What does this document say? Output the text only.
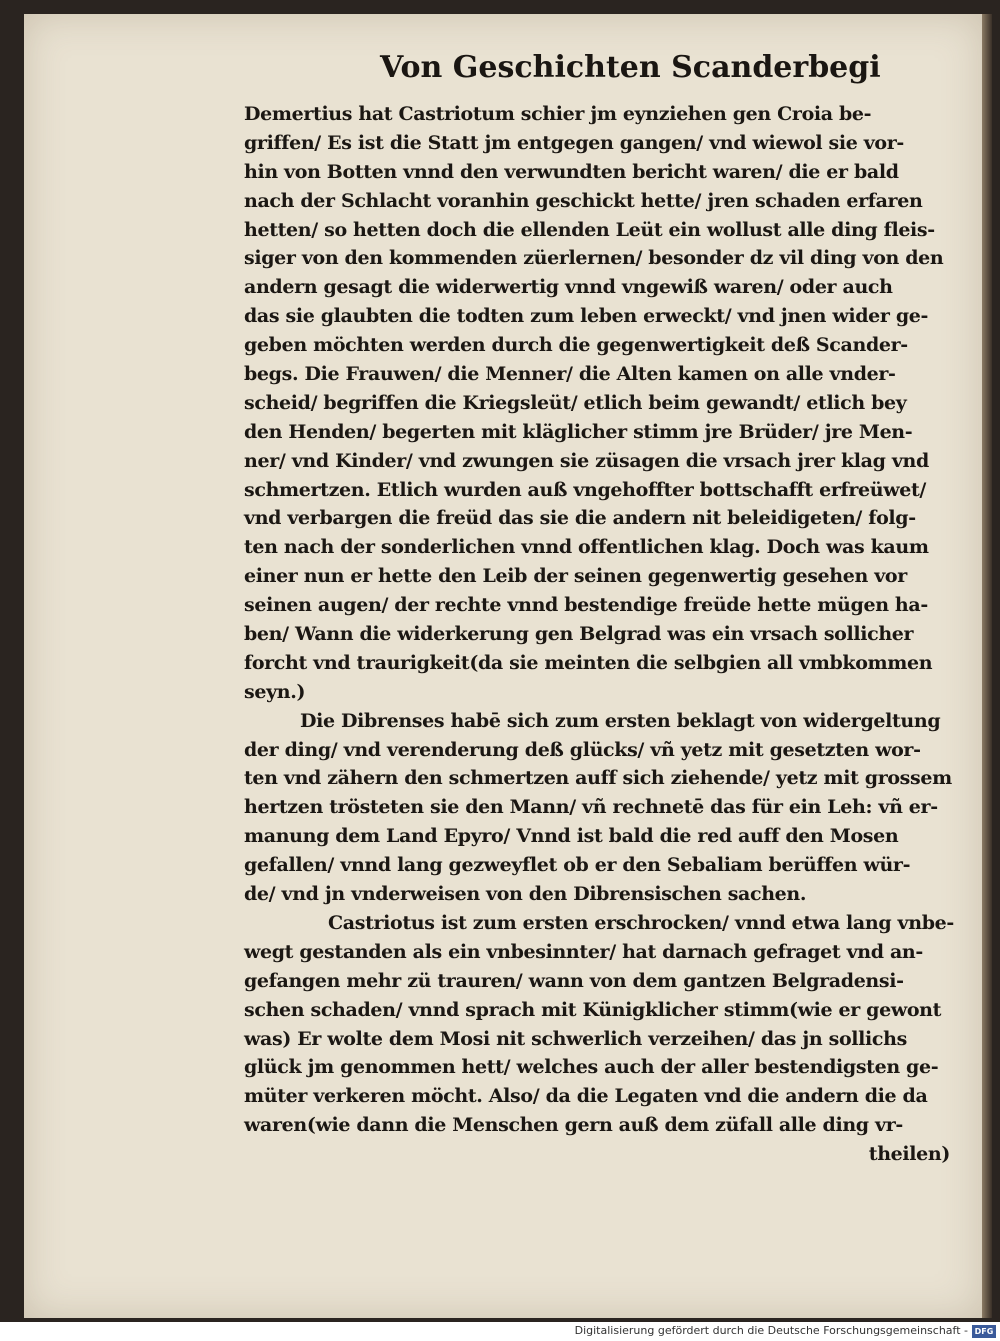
Von Geschichten Scanderbegi
Demertius hat Castriotum schier jm eynziehen gen Croia be-
griffen/ Es ist die Statt jm entgegen gangen/ vnd wiewol sie vor-
hin von Botten vnnd den verwundten bericht waren/ die er bald
nach der Schlacht voranhin geschickt hette/ jren schaden erfaren
hetten/ so hetten doch die ellenden Leüt ein wollust alle ding fleis-
siger von den kommenden züerlernen/ besonder dz vil ding von den
andern gesagt die widerwertig vnnd vngewiß waren/ oder auch
das sie glaubten die todten zum leben erweckt/ vnd jnen wider ge-
geben möchten werden durch die gegenwertigkeit deß Scander-
begs. Die Frauwen/ die Menner/ die Alten kamen on alle vnder-
scheid/ begriffen die Kriegsleüt/ etlich beim gewandt/ etlich bey
den Henden/ begerten mit kläglicher stimm jre Brüder/ jre Men-
ner/ vnd Kinder/ vnd zwungen sie züsagen die vrsach jrer klag vnd
schmertzen. Etlich wurden auß vngehoffter bottschafft erfreüwet/
vnd verbargen die freüd das sie die andern nit beleidigeten/ folg-
ten nach der sonderlichen vnnd offentlichen klag. Doch was kaum
einer nun er hette den Leib der seinen gegenwertig gesehen vor
seinen augen/ der rechte vnnd bestendige freüde hette mügen ha-
ben/ Wann die widerkerung gen Belgrad was ein vrsach sollicher
forcht vnd traurigkeit(da sie meinten die selbgien all vmbkommen
seyn.)
Die Dibrenses habē sich zum ersten beklagt von widergeltung
der ding/ vnd verenderung deß glücks/ vñ yetz mit gesetzten wor-
ten vnd zähern den schmertzen auff sich ziehende/ yetz mit grossem
hertzen trösteten sie den Mann/ vñ rechnetē das für ein Leh: vñ er-
manung dem Land Epyro/ Vnnd ist bald die red auff den Mosen
gefallen/ vnnd lang gezweyflet ob er den Sebaliam berüffen wür-
de/ vnd jn vnderweisen von den Dibrensischen sachen.
Castriotus ist zum ersten erschrocken/ vnnd etwa lang vnbe-
wegt gestanden als ein vnbesinnter/ hat darnach gefraget vnd an-
gefangen mehr zü trauren/ wann von dem gantzen Belgradensi-
schen schaden/ vnnd sprach mit Künigklicher stimm(wie er gewont
was) Er wolte dem Mosi nit schwerlich verzeihen/ das jn sollichs
glück jm genommen hett/ welches auch der aller bestendigsten ge-
müter verkeren möcht. Also/ da die Legaten vnd die andern die da
waren(wie dann die Menschen gern auß dem züfall alle ding vr-
theilen)
Digitalisierung gefördert durch die Deutsche Forschungsgemeinschaft - DFG
